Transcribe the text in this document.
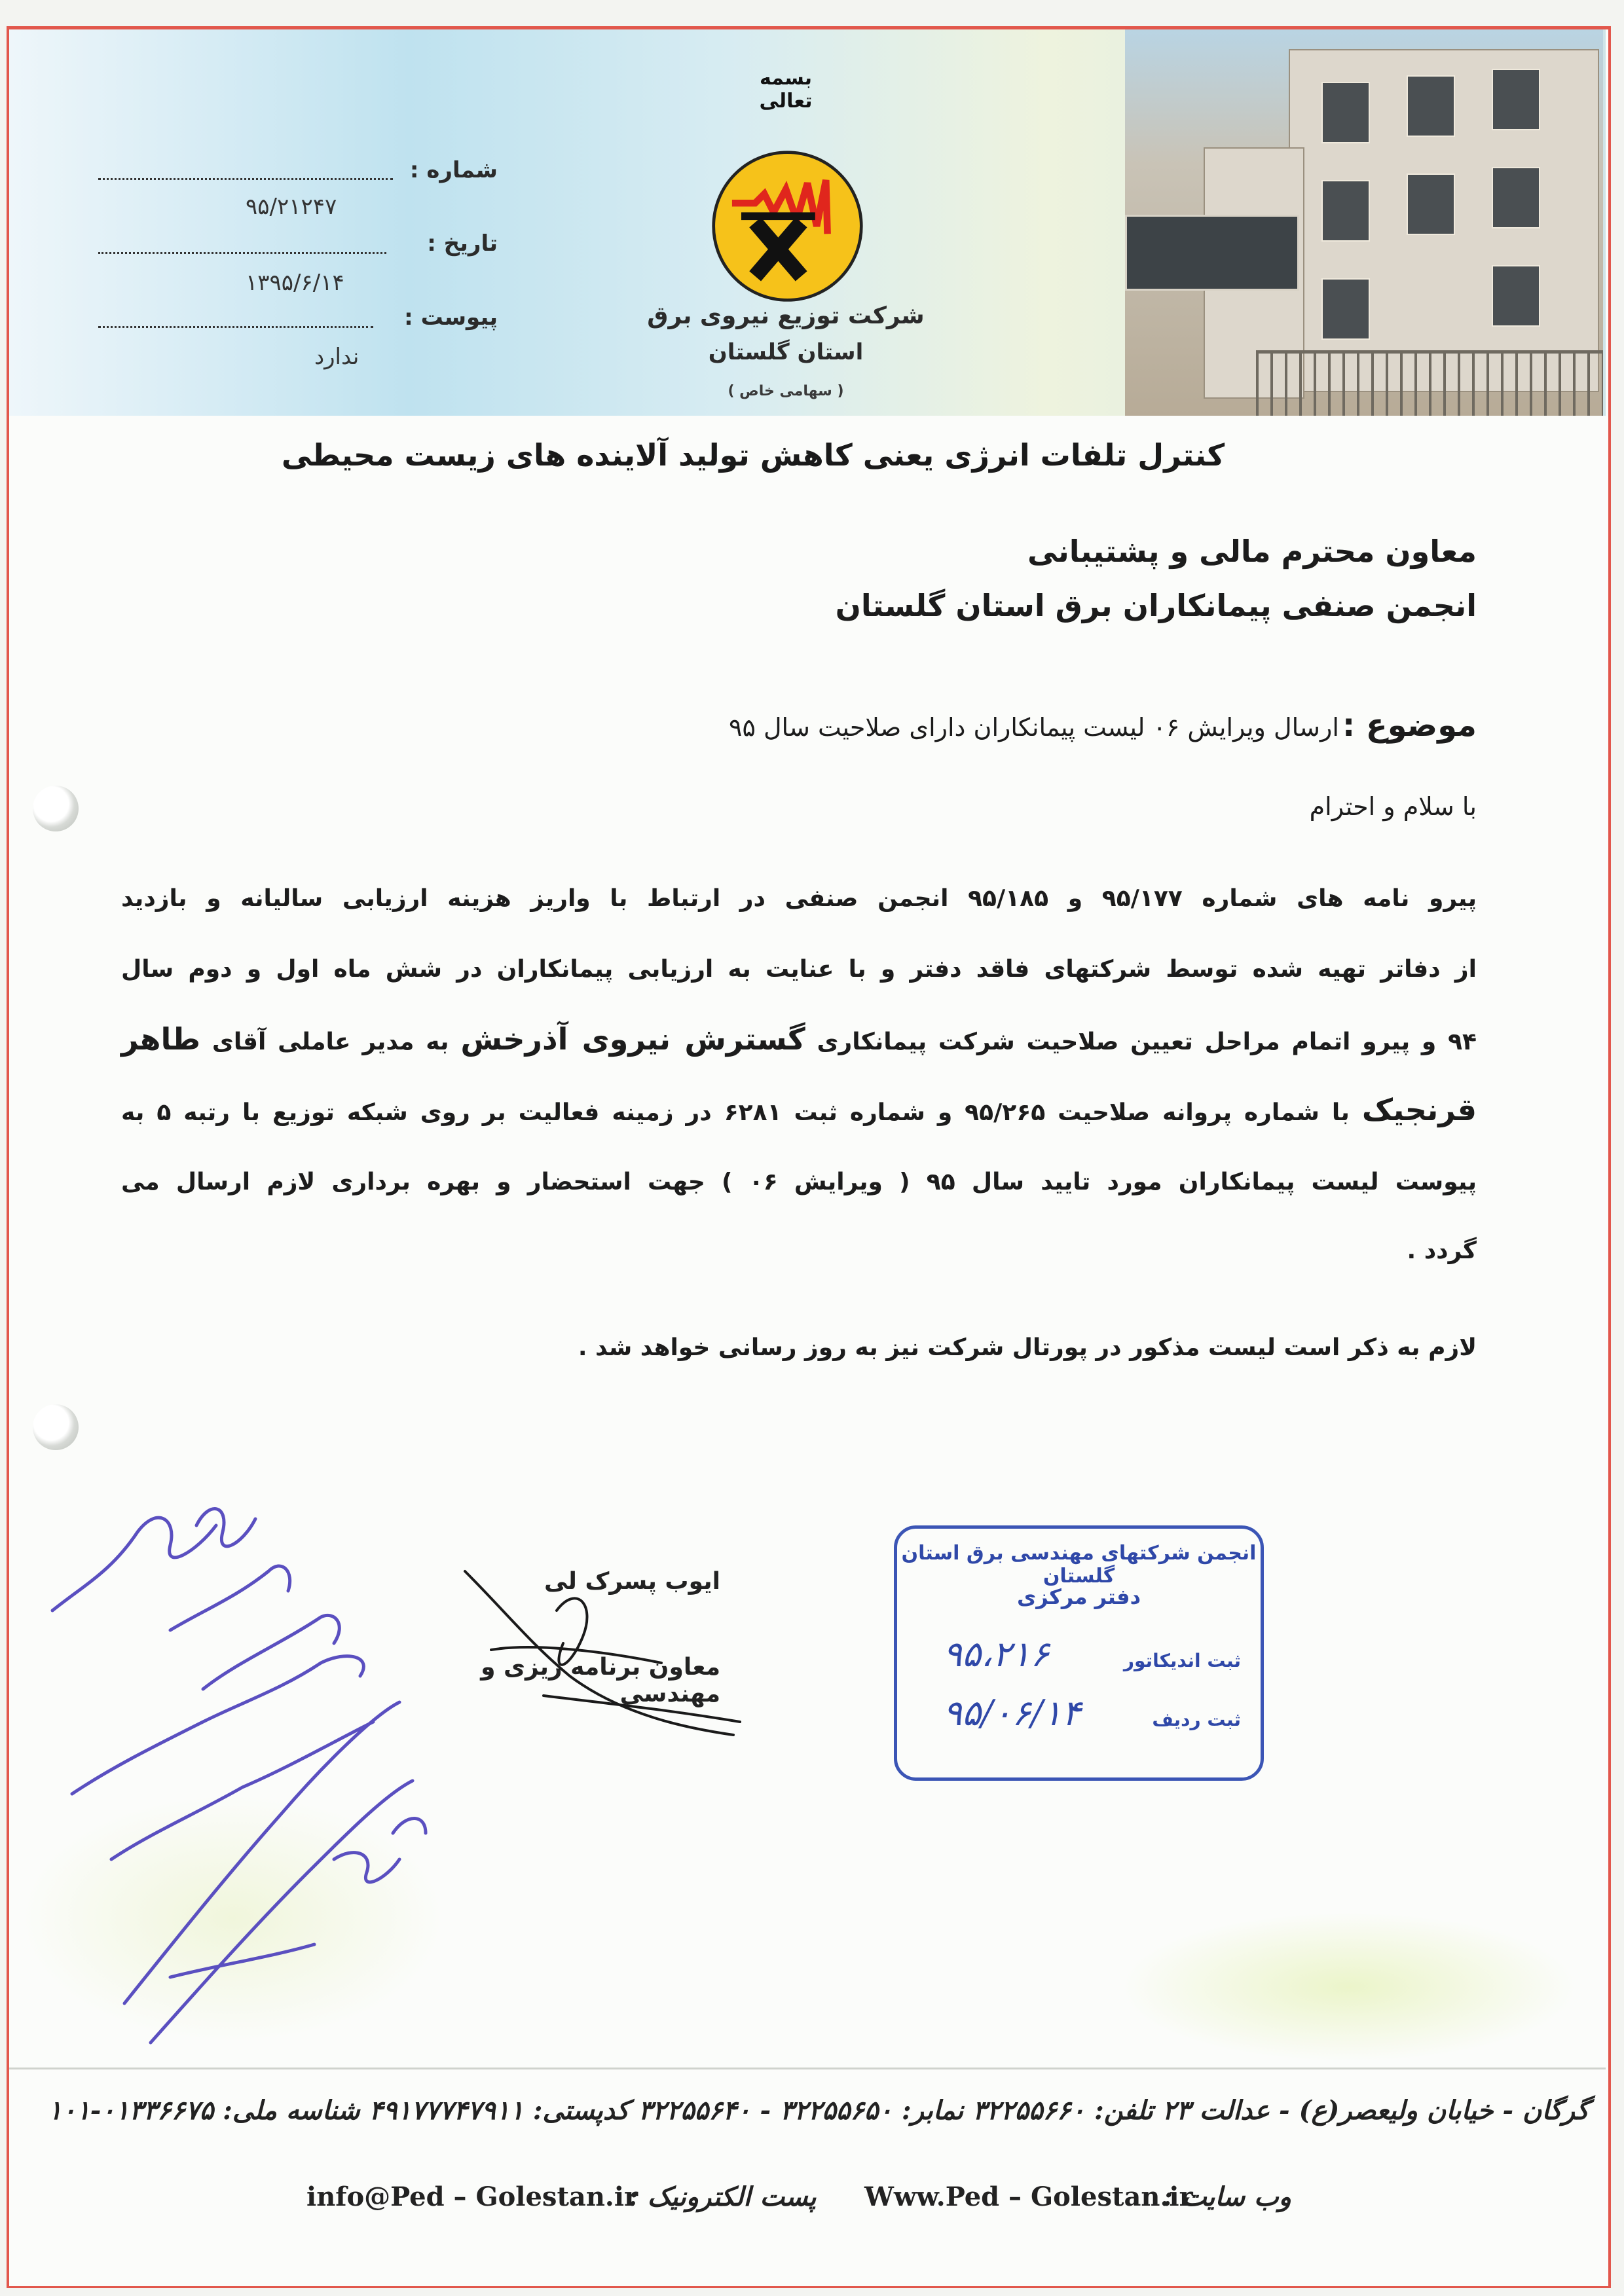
بسمه تعالی
شرکت توزیع نیروی برق
استان گلستان
( سهامی خاص )
شماره :
۹۵/۲۱۲۴۷
تاریخ :
۱۳۹۵/۶/۱۴
پیوست :
ندارد
کنترل تلفات انرژی یعنی کاهش تولید آلاینده های زیست محیطی
معاون محترم مالی و پشتیبانی
انجمن صنفی پیمانکاران برق استان گلستان
موضوع : ارسال ویرایش ۰۶ لیست پیمانکاران دارای صلاحیت سال ۹۵
با سلام و احترام
پیرو نامه های شماره ۹۵/۱۷۷ و ۹۵/۱۸۵ انجمن صنفی در ارتباط با واریز هزینه ارزیابی سالیانه و بازدید
از دفاتر تهیه شده توسط شرکتهای فاقد دفتر و با عنایت به ارزیابی پیمانکاران در شش ماه اول و دوم سال
۹۴ و پیرو اتمام مراحل تعیین صلاحیت شرکت پیمانکاری گسترش نیروی آذرخش به مدیر عاملی آقای طاهر
قرنجیک با شماره پروانه صلاحیت ۹۵/۲۶۵ و شماره ثبت ۶۲۸۱ در زمینه فعالیت بر روی شبکه توزیع با رتبه ۵ به
پیوست لیست پیمانکاران مورد تایید سال ۹۵ ( ویرایش ۰۶ ) جهت استحضار و بهره برداری لازم ارسال می
گردد .
لازم به ذکر است لیست مذکور در پورتال شرکت نیز به روز رسانی خواهد شد .
ایوب پسرک لی
معاون برنامه ریزی و مهندسی
انجمن شرکتهای مهندسی برق استان گلستان
دفتر مرکزی
ثبت اندیکاتور
۹۵،۲۱۶
ثبت ردیف
۹۵/۰۶/۱۴
گرگان - خیابان ولیعصر(ع) - عدالت ۲۳ تلفن: ۳۲۲۵۵۶۶۰ نمابر: ۳۲۲۵۵۶۵۰ - ۳۲۲۵۵۶۴۰ کدپستی: ۴۹۱۷۷۷۴۷۹۱۱ شناسه ملی: ۰۱۳۳۶۶۷۵-۱۰۱
وب سایت :
Www.Ped – Golestan.ir
پست الکترونیک :
info@Ped – Golestan.ir
